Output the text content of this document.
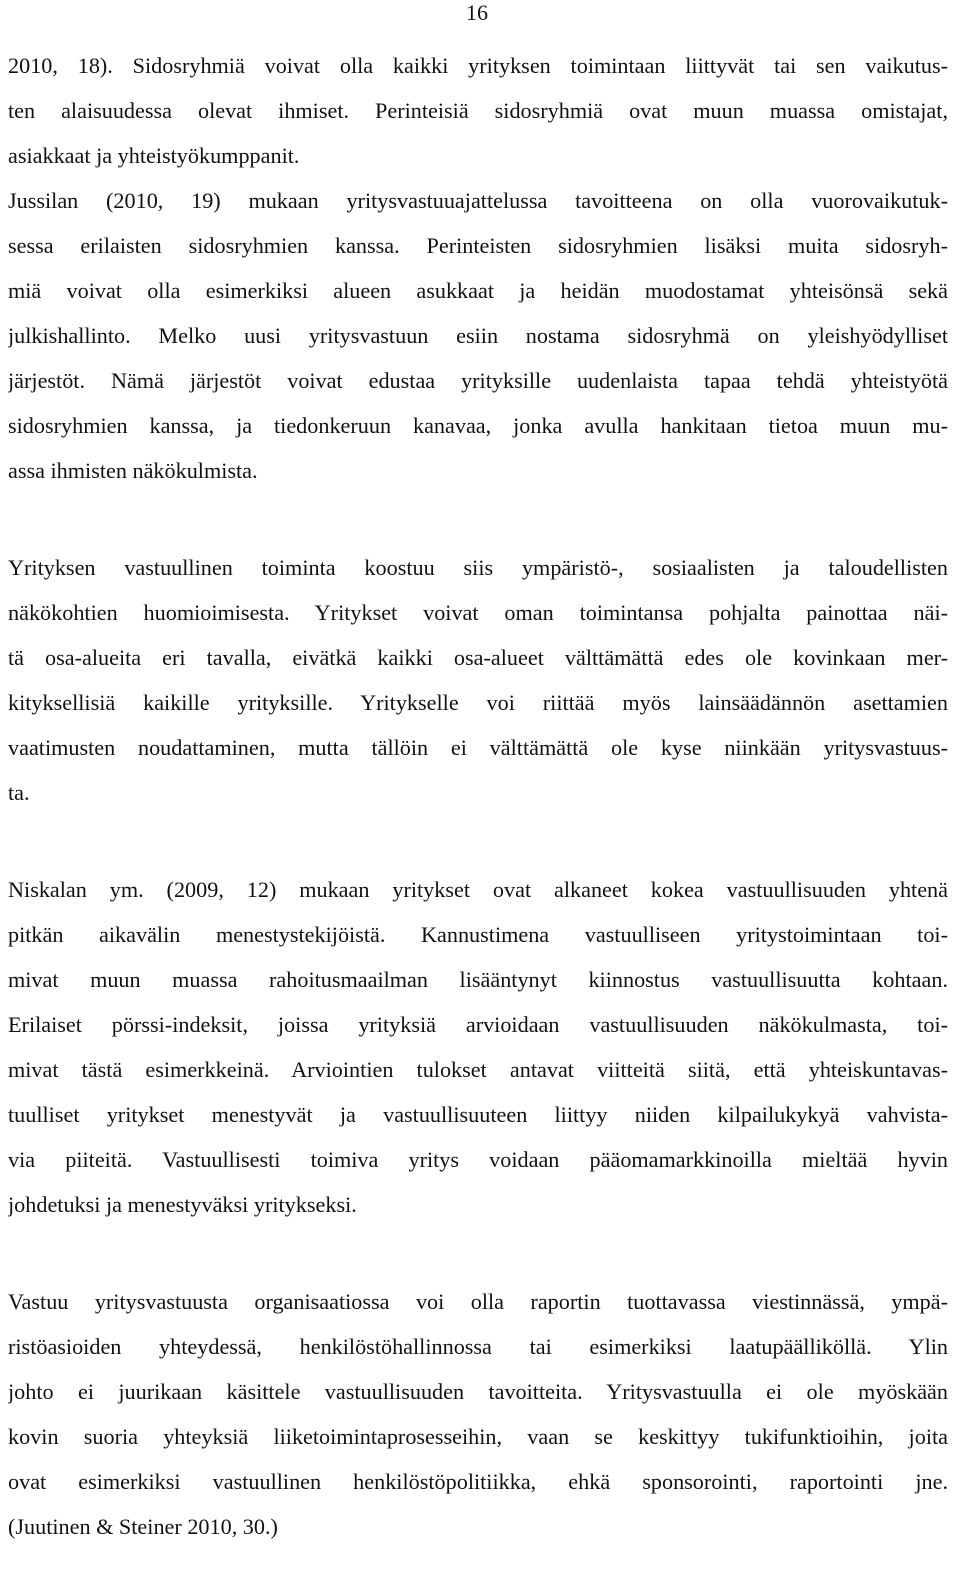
16
2010, 18). Sidosryhmiä voivat olla kaikki yrityksen toimintaan liittyvät tai sen vaikutus-
ten alaisuudessa olevat ihmiset. Perinteisiä sidosryhmiä ovat muun muassa omistajat,
asiakkaat ja yhteistyökumppanit.
Jussilan (2010, 19) mukaan yritysvastuuajattelussa tavoitteena on olla vuorovaikutuk-
sessa erilaisten sidosryhmien kanssa. Perinteisten sidosryhmien lisäksi muita sidosryh-
miä voivat olla esimerkiksi alueen asukkaat ja heidän muodostamat yhteisönsä sekä
julkishallinto. Melko uusi yritysvastuun esiin nostama sidosryhmä on yleishyödylliset
järjestöt. Nämä järjestöt voivat edustaa yrityksille uudenlaista tapaa tehdä yhteistyötä
sidosryhmien kanssa, ja tiedonkeruun kanavaa, jonka avulla hankitaan tietoa muun mu-
assa ihmisten näkökulmista.
Yrityksen vastuullinen toiminta koostuu siis ympäristö-, sosiaalisten ja taloudellisten
näkökohtien huomioimisesta. Yritykset voivat oman toimintansa pohjalta painottaa näi-
tä osa-alueita eri tavalla, eivätkä kaikki osa-alueet välttämättä edes ole kovinkaan mer-
kityksellisiä kaikille yrityksille. Yritykselle voi riittää myös lainsäädännön asettamien
vaatimusten noudattaminen, mutta tällöin ei välttämättä ole kyse niinkään yritysvastuus-
ta.
Niskalan ym. (2009, 12) mukaan yritykset ovat alkaneet kokea vastuullisuuden yhtenä
pitkän aikavälin menestystekijöistä. Kannustimena vastuulliseen yritystoimintaan toi-
mivat muun muassa rahoitusmaailman lisääntynyt kiinnostus vastuullisuutta kohtaan.
Erilaiset pörssi-indeksit, joissa yrityksiä arvioidaan vastuullisuuden näkökulmasta, toi-
mivat tästä esimerkkeinä. Arviointien tulokset antavat viitteitä siitä, että yhteiskuntavas-
tuulliset yritykset menestyvät ja vastuullisuuteen liittyy niiden kilpailukykyä vahvista-
via piiteitä. Vastuullisesti toimiva yritys voidaan pääomamarkkinoilla mieltää hyvin
johdetuksi ja menestyväksi yritykseksi.
Vastuu yritysvastuusta organisaatiossa voi olla raportin tuottavassa viestinnässä, ympä-
ristöasioiden yhteydessä, henkilöstöhallinnossa tai esimerkiksi laatupäälliköllä. Ylin
johto ei juurikaan käsittele vastuullisuuden tavoitteita. Yritysvastuulla ei ole myöskään
kovin suoria yhteyksiä liiketoimintaprosesseihin, vaan se keskittyy tukifunktioihin, joita
ovat esimerkiksi vastuullinen henkilöstöpolitiikka, ehkä sponsorointi, raportointi jne.
(Juutinen & Steiner 2010, 30.)
